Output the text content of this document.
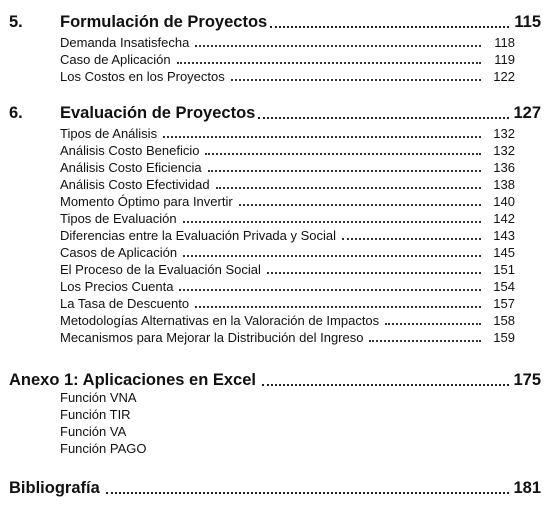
5.	Formulación de Proyectos	115
Demanda Insatisfecha	118
Caso de Aplicación	119
Los Costos en los Proyectos	122
6.	Evaluación de Proyectos	127
Tipos de Análisis	132
Análisis Costo Beneficio	132
Análisis Costo Eficiencia	136
Análisis Costo Efectividad	138
Momento Óptimo para Invertir	140
Tipos de Evaluación	142
Diferencias entre la Evaluación Privada y Social	143
Casos de Aplicación	145
El Proceso de la Evaluación Social	151
Los Precios Cuenta	154
La Tasa de Descuento	157
Metodologías Alternativas en la Valoración de Impactos	158
Mecanismos para Mejorar la Distribución del Ingreso	159
Anexo 1: Aplicaciones en Excel	175
Función VNA
Función TIR
Función VA
Función PAGO
Bibliografía	181
